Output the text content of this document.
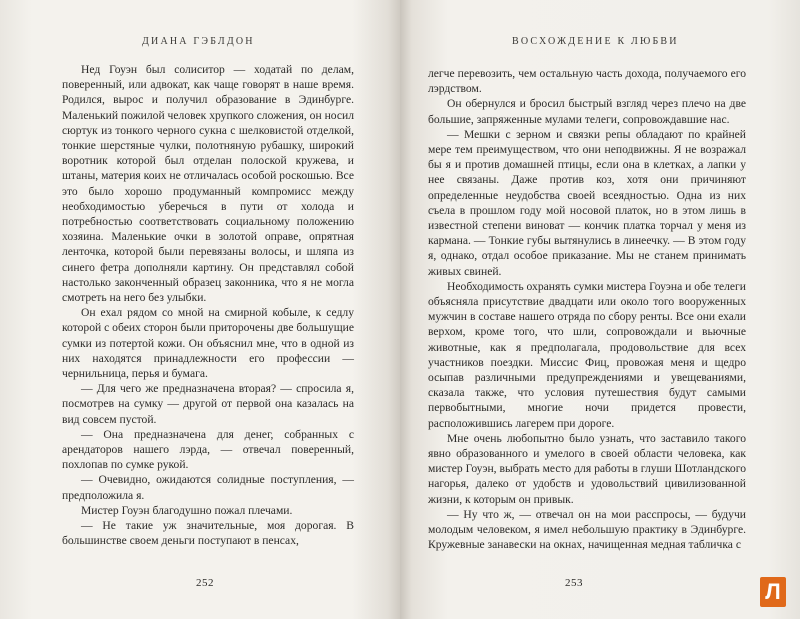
ДИАНА ГЭБЛДОН

Нед Гоуэн был солиситор — ходатай по делам, поверенный, или адвокат, как чаще говорят в наше время. Родился, вырос и получил образование в Эдинбурге. Маленький пожилой человек хрупкого сложения, он носил сюртук из тонкого черного сукна с шелковистой отделкой, тонкие шерстяные чулки, полотняную рубашку, широкий воротник которой был отделан полоской кружева, и штаны, материя коих не отличалась особой роскошью. Все это было хорошо продуманный компромисс между необходимостью уберечься в пути от холода и потребностью соответствовать социальному положению хозяина. Маленькие очки в золотой оправе, опрятная ленточка, которой были перевязаны волосы, и шляпа из синего фетра дополняли картину. Он представлял собой настолько законченный образец законника, что я не могла смотреть на него без улыбки.

Он ехал рядом со мной на смирной кобыле, к седлу которой с обеих сторон были приторочены две большущие сумки из потертой кожи. Он объяснил мне, что в одной из них находятся принадлежности его профессии — чернильница, перья и бумага.

— Для чего же предназначена вторая? — спросила я, посмотрев на сумку — другой от первой она казалась на вид совсем пустой.

— Она предназначена для денег, собранных с арендаторов нашего лэрда, — отвечал поверенный, похлопав по сумке рукой.

— Очевидно, ожидаются солидные поступления, — предположила я.

Мистер Гоуэн благодушно пожал плечами.

— Не такие уж значительные, моя дорогая. В большинстве своем деньги поступают в пенсах,

252
ВОСХОЖДЕНИЕ К ЛЮБВИ

легче перевозить, чем остальную часть дохода, получаемого его лэрдством.

Он обернулся и бросил быстрый взгляд через плечо на две большие, запряженные мулами телеги, сопровождавшие нас.

— Мешки с зерном и связки репы обладают по крайней мере тем преимуществом, что они неподвижны. Я не возражал бы я и против домашней птицы, если она в клетках, а лапки у нее связаны. Даже против коз, хотя они причиняют определенные неудобства своей всеядностью. Одна из них съела в прошлом году мой носовой платок, но в этом лишь в известной степени виноват — кончик платка торчал у меня из кармана. — Тонкие губы вытянулись в линеечку. — В этом году я, однако, отдал особое приказание. Мы не станем принимать живых свиней.

Необходимость охранять сумки мистера Гоуэна и обе телеги объясняла присутствие двадцати или около того вооруженных мужчин в составе нашего отряда по сбору ренты. Все они ехали верхом, кроме того, что шли, сопровождали и вьючные животные, как я предполагала, продовольствие для всех участников поездки. Миссис Фиц, провожая меня и щедро осыпав различными предупреждениями и увещеваниями, сказала также, что условия путешествия будут самыми первобытными, многие ночи придется провести, расположившись лагерем при дороге.

Мне очень любопытно было узнать, что заставило такого явно образованного и умелого в своей области человека, как мистер Гоуэн, выбрать место для работы в глуши Шотландского нагорья, далеко от удобств и удовольствий цивилизованной жизни, к которым он привык.

— Ну что ж, — отвечал он на мои расспросы, — будучи молодым человеком, я имел небольшую практику в Эдинбурге. Кружевные занавески на окнах, начищенная медная табличка с

253	Л
